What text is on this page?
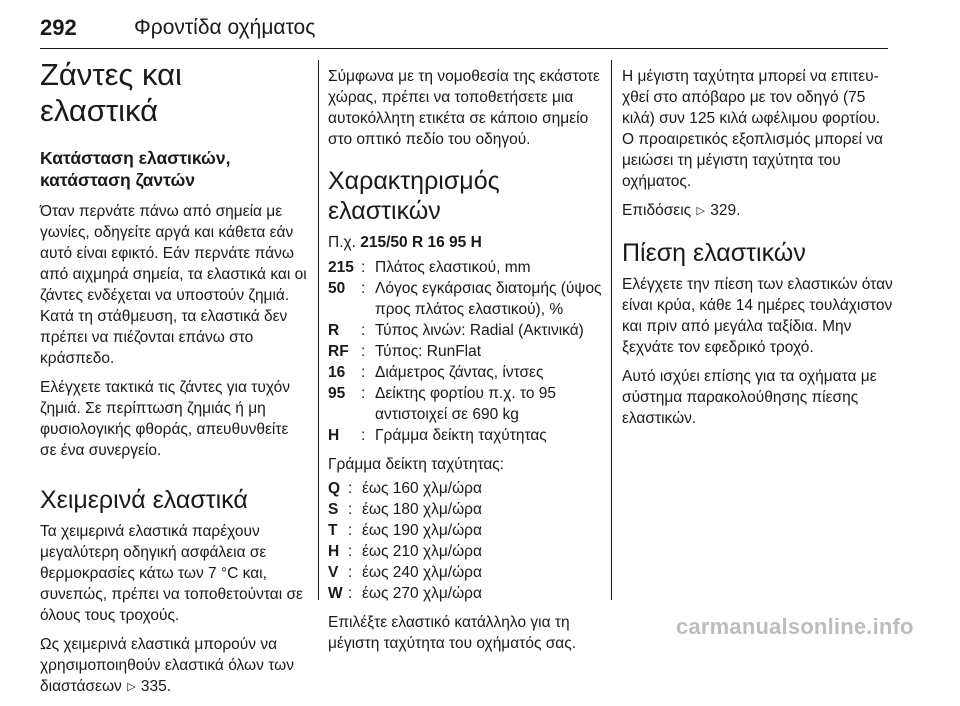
292	Φροντίδα οχήματος
Ζάντες και ελαστικά
Κατάσταση ελαστικών,
κατάσταση ζαντών

Όταν περνάτε πάνω από σημεία με γωνίες, οδηγείτε αργά και κάθετα εάν αυτό είναι εφικτό. Εάν περνάτε πάνω από αιχμηρά σημεία, τα ελαστικά και οι ζάντες ενδέχεται να υποστούν ζημιά. Κατά τη στάθμευση, τα ελαστικά δεν πρέπει να πιέζονται επάνω στο κράσπεδο.

Ελέγχετε τακτικά τις ζάντες για τυχόν ζημιά. Σε περίπτωση ζημιάς ή μη φυσιολογικής φθοράς, απευθυνθείτε σε ένα συνεργείο.

Χειμερινά ελαστικά

Τα χειμερινά ελαστικά παρέχουν μεγαλύτερη οδηγική ασφάλεια σε θερμοκρασίες κάτω των 7 °C και, συνεπώς, πρέπει να τοποθετούνται σε όλους τους τροχούς.

Ως χειμερινά ελαστικά μπορούν να χρησιμοποιηθούν ελαστικά όλων των διαστάσεων ▷ 335.

Σύμφωνα με τη νομοθεσία της εκάστοτε χώρας, πρέπει να τοποθετήσετε μια αυτοκόλλητη ετικέτα σε κάποιο σημείο στο οπτικό πεδίο του οδηγού.

Χαρακτηρισμός ελαστικών

Π.χ. 215/50 R 16 95 H

215 : Πλάτος ελαστικού, mm
50	: Λόγος εγκάρσιας διατομής (ύψος προς πλάτος ελαστικού), %
R	: Τύπος λινών: Radial (Ακτινικά)
RF : Τύπος: RunFlat
16	: Διάμετρος ζάντας, ίντσες
95	: Δείκτης φορτίου π.χ. το 95 αντιστοιχεί σε 690 kg
H	: Γράμμα δείκτη ταχύτητας

Γράμμα δείκτη ταχύτητας:

Q : έως 160 χλμ/ώρα
S : έως 180 χλμ/ώρα
T : έως 190 χλμ/ώρα
H : έως 210 χλμ/ώρα
V : έως 240 χλμ/ώρα
W : έως 270 χλμ/ώρα

Επιλέξτε ελαστικό κατάλληλο για τη μέγιστη ταχύτητα του οχήματός σας.

Η μέγιστη ταχύτητα μπορεί να επιτευχθεί στο απόβαρο με τον οδηγό (75 κιλά) συν 125 κιλά ωφέλιμου φορτίου. Ο προαιρετικός εξοπλισμός μπορεί να μειώσει τη μέγιστη ταχύτητα του οχήματος.

Επιδόσεις ▷ 329.

Πίεση ελαστικών

Ελέγχετε την πίεση των ελαστικών όταν είναι κρύα, κάθε 14 ημέρες τουλάχιστον και πριν από μεγάλα ταξίδια. Μην ξεχνάτε τον εφεδρικό τροχό.

Αυτό ισχύει επίσης για τα οχήματα με σύστημα παρακολούθησης πίεσης ελαστικών.

carmanualsonline.info
